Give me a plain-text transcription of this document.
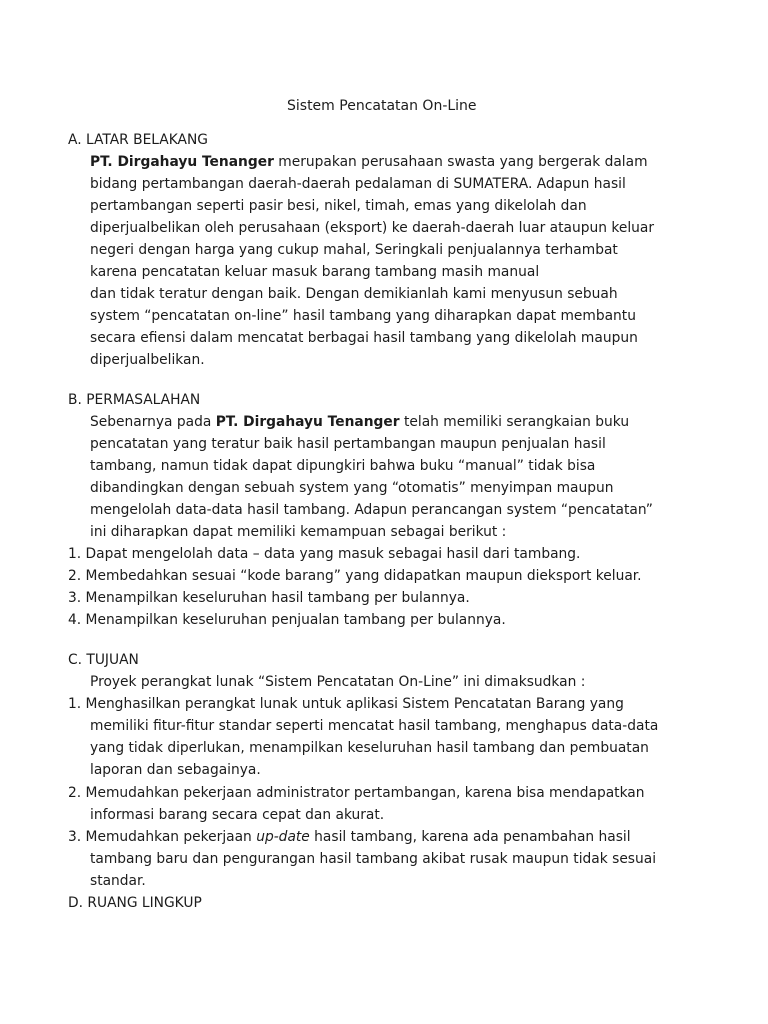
Sistem Pencatatan On-Line
A. LATAR BELAKANG
PT. Dirgahayu Tenanger merupakan perusahaan swasta yang bergerak dalam
bidang pertambangan daerah-daerah pedalaman di SUMATERA. Adapun hasil
pertambangan seperti pasir besi, nikel, timah, emas yang dikelolah dan
diperjualbelikan oleh perusahaan (eksport) ke daerah-daerah luar ataupun keluar
negeri dengan harga yang cukup mahal, Seringkali penjualannya terhambat
karena pencatatan keluar masuk barang tambang masih manual
dan tidak teratur dengan baik. Dengan demikianlah kami menyusun sebuah
system “pencatatan on-line” hasil tambang yang diharapkan dapat membantu
secara efiensi dalam mencatat berbagai hasil tambang yang dikelolah maupun
diperjualbelikan.
B. PERMASALAHAN
Sebenarnya pada PT. Dirgahayu Tenanger telah memiliki serangkaian buku
pencatatan yang teratur baik hasil pertambangan maupun penjualan hasil
tambang, namun tidak dapat dipungkiri bahwa buku “manual” tidak bisa
dibandingkan dengan sebuah system yang “otomatis” menyimpan maupun
mengelolah data-data hasil tambang. Adapun perancangan system “pencatatan”
ini diharapkan dapat memiliki kemampuan sebagai berikut :
1. Dapat mengelolah data – data yang masuk sebagai hasil dari tambang.
2. Membedahkan sesuai “kode barang” yang didapatkan maupun dieksport keluar.
3. Menampilkan keseluruhan hasil tambang per bulannya.
4. Menampilkan keseluruhan penjualan tambang per bulannya.
C. TUJUAN
Proyek perangkat lunak “Sistem Pencatatan On-Line” ini dimaksudkan :
1. Menghasilkan perangkat lunak untuk aplikasi Sistem Pencatatan Barang yang
memiliki fitur-fitur standar seperti mencatat hasil tambang, menghapus data-data
yang tidak diperlukan, menampilkan keseluruhan hasil tambang dan pembuatan
laporan dan sebagainya.
2. Memudahkan pekerjaan administrator pertambangan, karena bisa mendapatkan
informasi barang secara cepat dan akurat.
3. Memudahkan pekerjaan up-date hasil tambang, karena ada penambahan hasil
tambang baru dan pengurangan hasil tambang akibat rusak maupun tidak sesuai
standar.
D. RUANG LINGKUP
